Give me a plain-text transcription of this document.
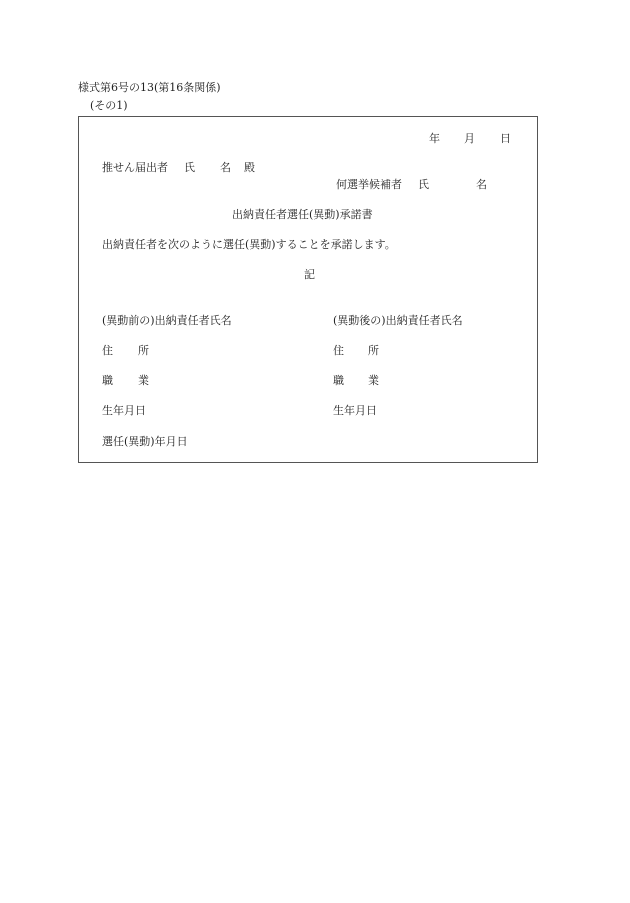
様式第6号の13(第16条関係)
(その1)
年 月 日
推せん届出者 氏 名 殿
何選挙候補者 氏	名
出納責任者選任(異動)承諾書
出納責任者を次のように選任(異動)することを承諾します。
記
(異動前の)出納責任者氏名
住 所
職 業
生年月日
選任(異動)年月日
(異動後の)出納責任者氏名
住 所
職 業
生年月日
